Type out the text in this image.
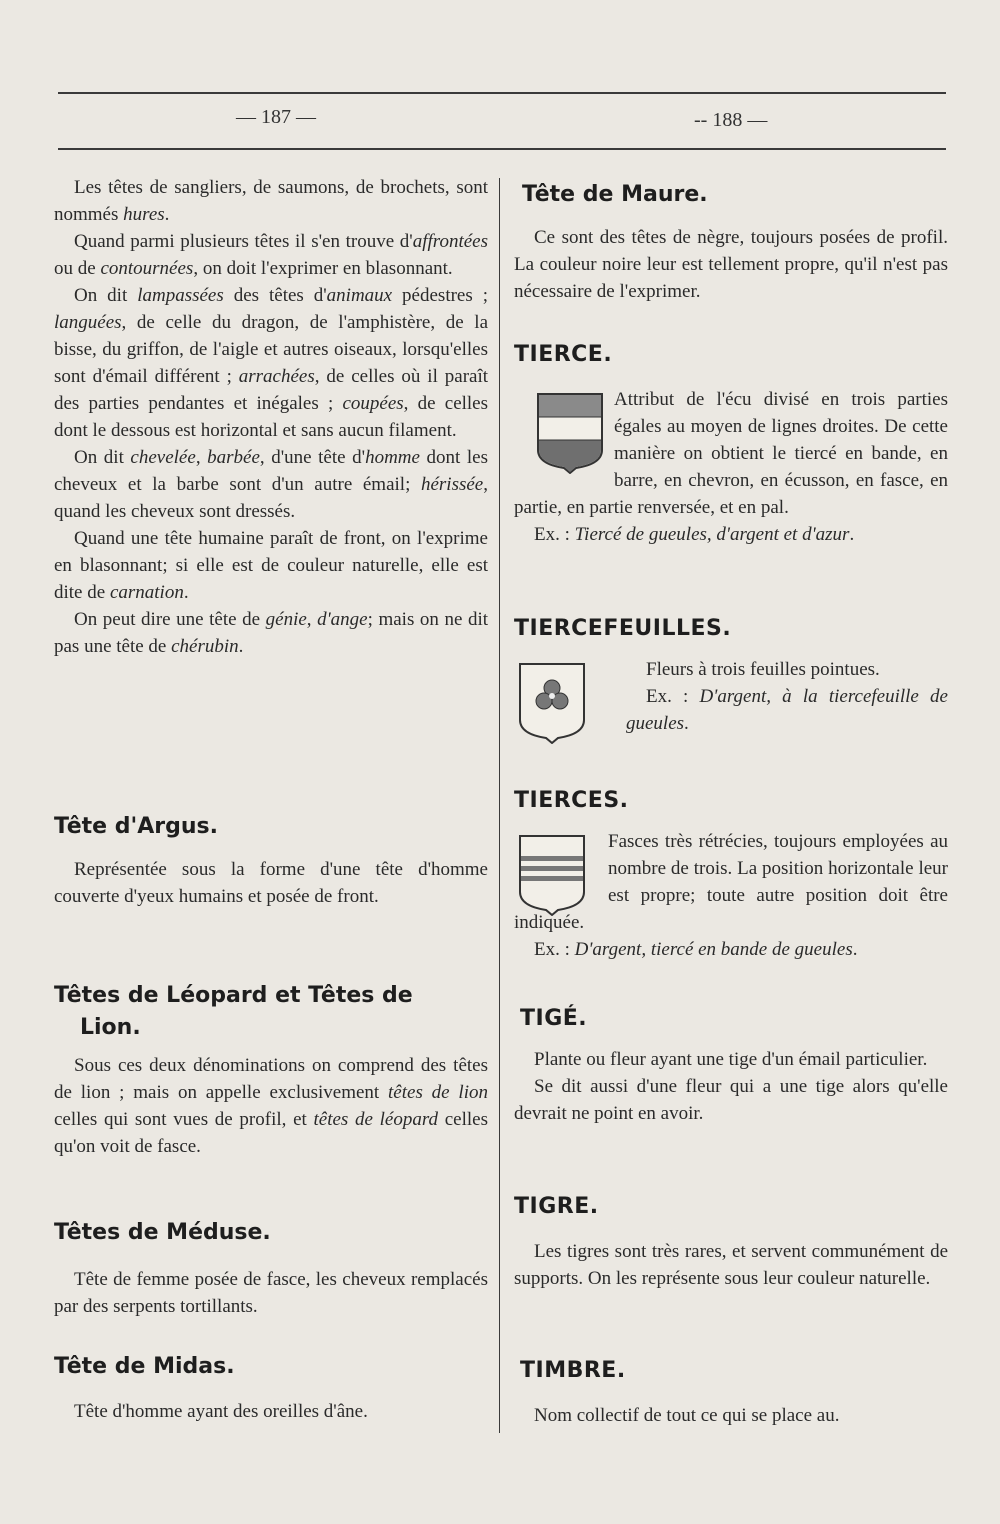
— 187 —	-- 188 —

Les têtes de sangliers, de saumons, de brochets, sont nommés hures.

Quand parmi plusieurs têtes il s'en trouve d'affrontées ou de contournées, on doit l'exprimer en blasonnant.

On dit lampassées des têtes d'animaux pédestres ; languées, de celle du dragon, de l'amphistère, de la bisse, du griffon, de l'aigle et autres oiseaux, lorsqu'elles sont d'émail différent ; arrachées, de celles où il paraît des parties pendantes et inégales ; coupées, de celles dont le dessous est horizontal et sans aucun filament.

On dit chevelée, barbée, d'une tête d'homme dont les cheveux et la barbe sont d'un autre émail; hérissée, quand les cheveux sont dressés.

Quand une tête humaine paraît de front, on l'exprime en blasonnant; si elle est de couleur naturelle, elle est dite de carnation.

On peut dire une tête de génie, d'ange; mais on ne dit pas une tête de chérubin.

Tête d'Argus.

Représentée sous la forme d'une tête d'homme couverte d'yeux humains et posée de front.

Têtes de Léopard et Têtes de
Lion.

Sous ces deux dénominations on comprend des têtes de lion ; mais on appelle exclusivement têtes de lion celles qui sont vues de profil, et têtes de léopard celles qu'on voit de fasce.

Têtes de Méduse.

Tête de femme posée de fasce, les cheveux remplacés par des serpents tortillants.

Tête de Midas.

Tête d'homme ayant des oreilles d'âne.

Tête de Maure.

Ce sont des têtes de nègre, toujours posées de profil. La couleur noire leur est tellement propre, qu'il n'est pas nécessaire de l'exprimer.

TIERCE.

Attribut de l'écu divisé en trois parties égales au moyen de lignes droites. De cette manière on obtient le tiercé en bande, en barre, en chevron, en écusson, en fasce, en partie, en partie renversée, et en pal.

Ex. : Tiercé de gueules, d'argent et d'azur.

TIERCEFEUILLES.

Fleurs à trois feuilles pointues.

Ex. : D'argent, à la tiercefeuille de gueules.

TIERCES.

Fasces très rétrécies, toujours employées au nombre de trois. La position horizontale leur est propre; toute autre position doit être indiquée.

Ex. : D'argent, tiercé en bande de gueules.

TIGÉ.

Plante ou fleur ayant une tige d'un émail particulier.

Se dit aussi d'une fleur qui a une tige alors qu'elle devrait ne point en avoir.

TIGRE.

Les tigres sont très rares, et servent communément de supports. On les représente sous leur couleur naturelle.

TIMBRE.

Nom collectif de tout ce qui se place au.
